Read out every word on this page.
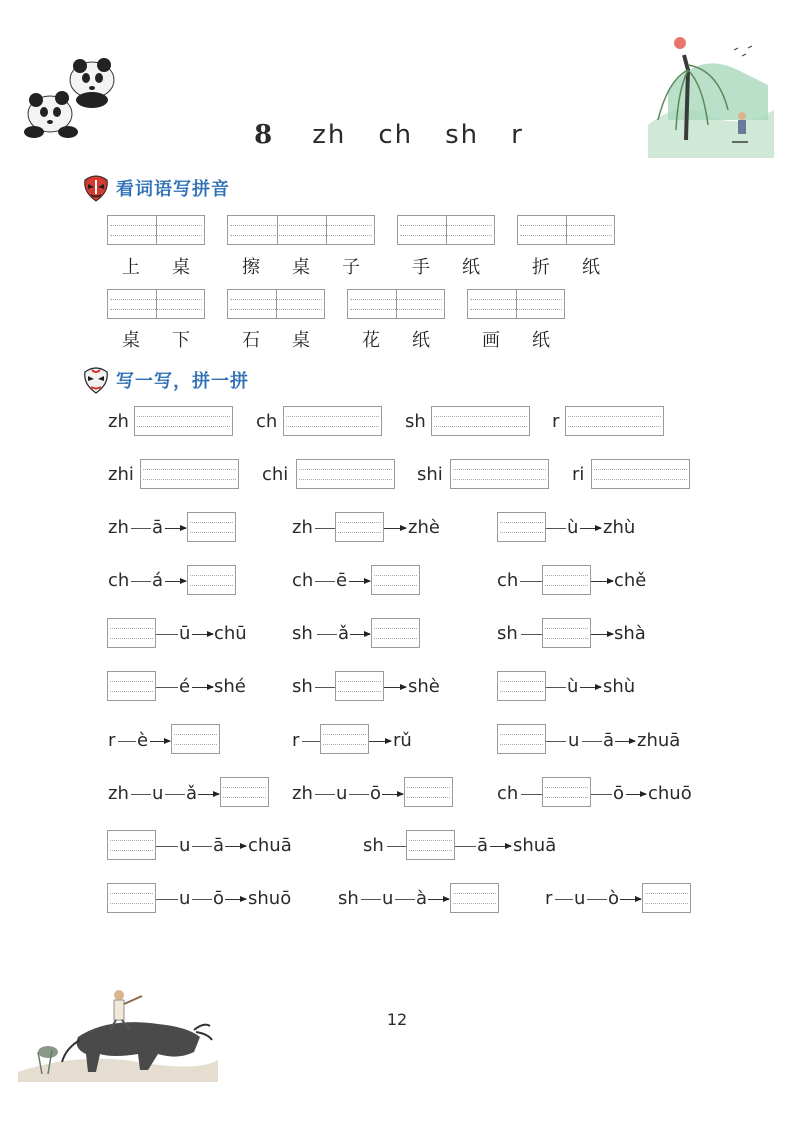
8 zh ch sh r
看词语写拼音
上 桌	擦 桌 子	手 纸	折 纸
桌 下	石 桌	花 纸	画 纸
写一写，拼一拼
zh	ch	sh	r
zhi	chi	shi	ri
zh ā	zh	zhè	ù zhù
ch á	ch ē	ch	chě
ū chū	sh ǎ	sh	shà
é shé	sh	shè	ù shù
r è	r	rǔ	u ā zhuā
zh u ǎ	zh u ō	ch	ō chuō
u ā chuā	sh	ā shuā
u ō shuō	sh u à	r u ò
12
